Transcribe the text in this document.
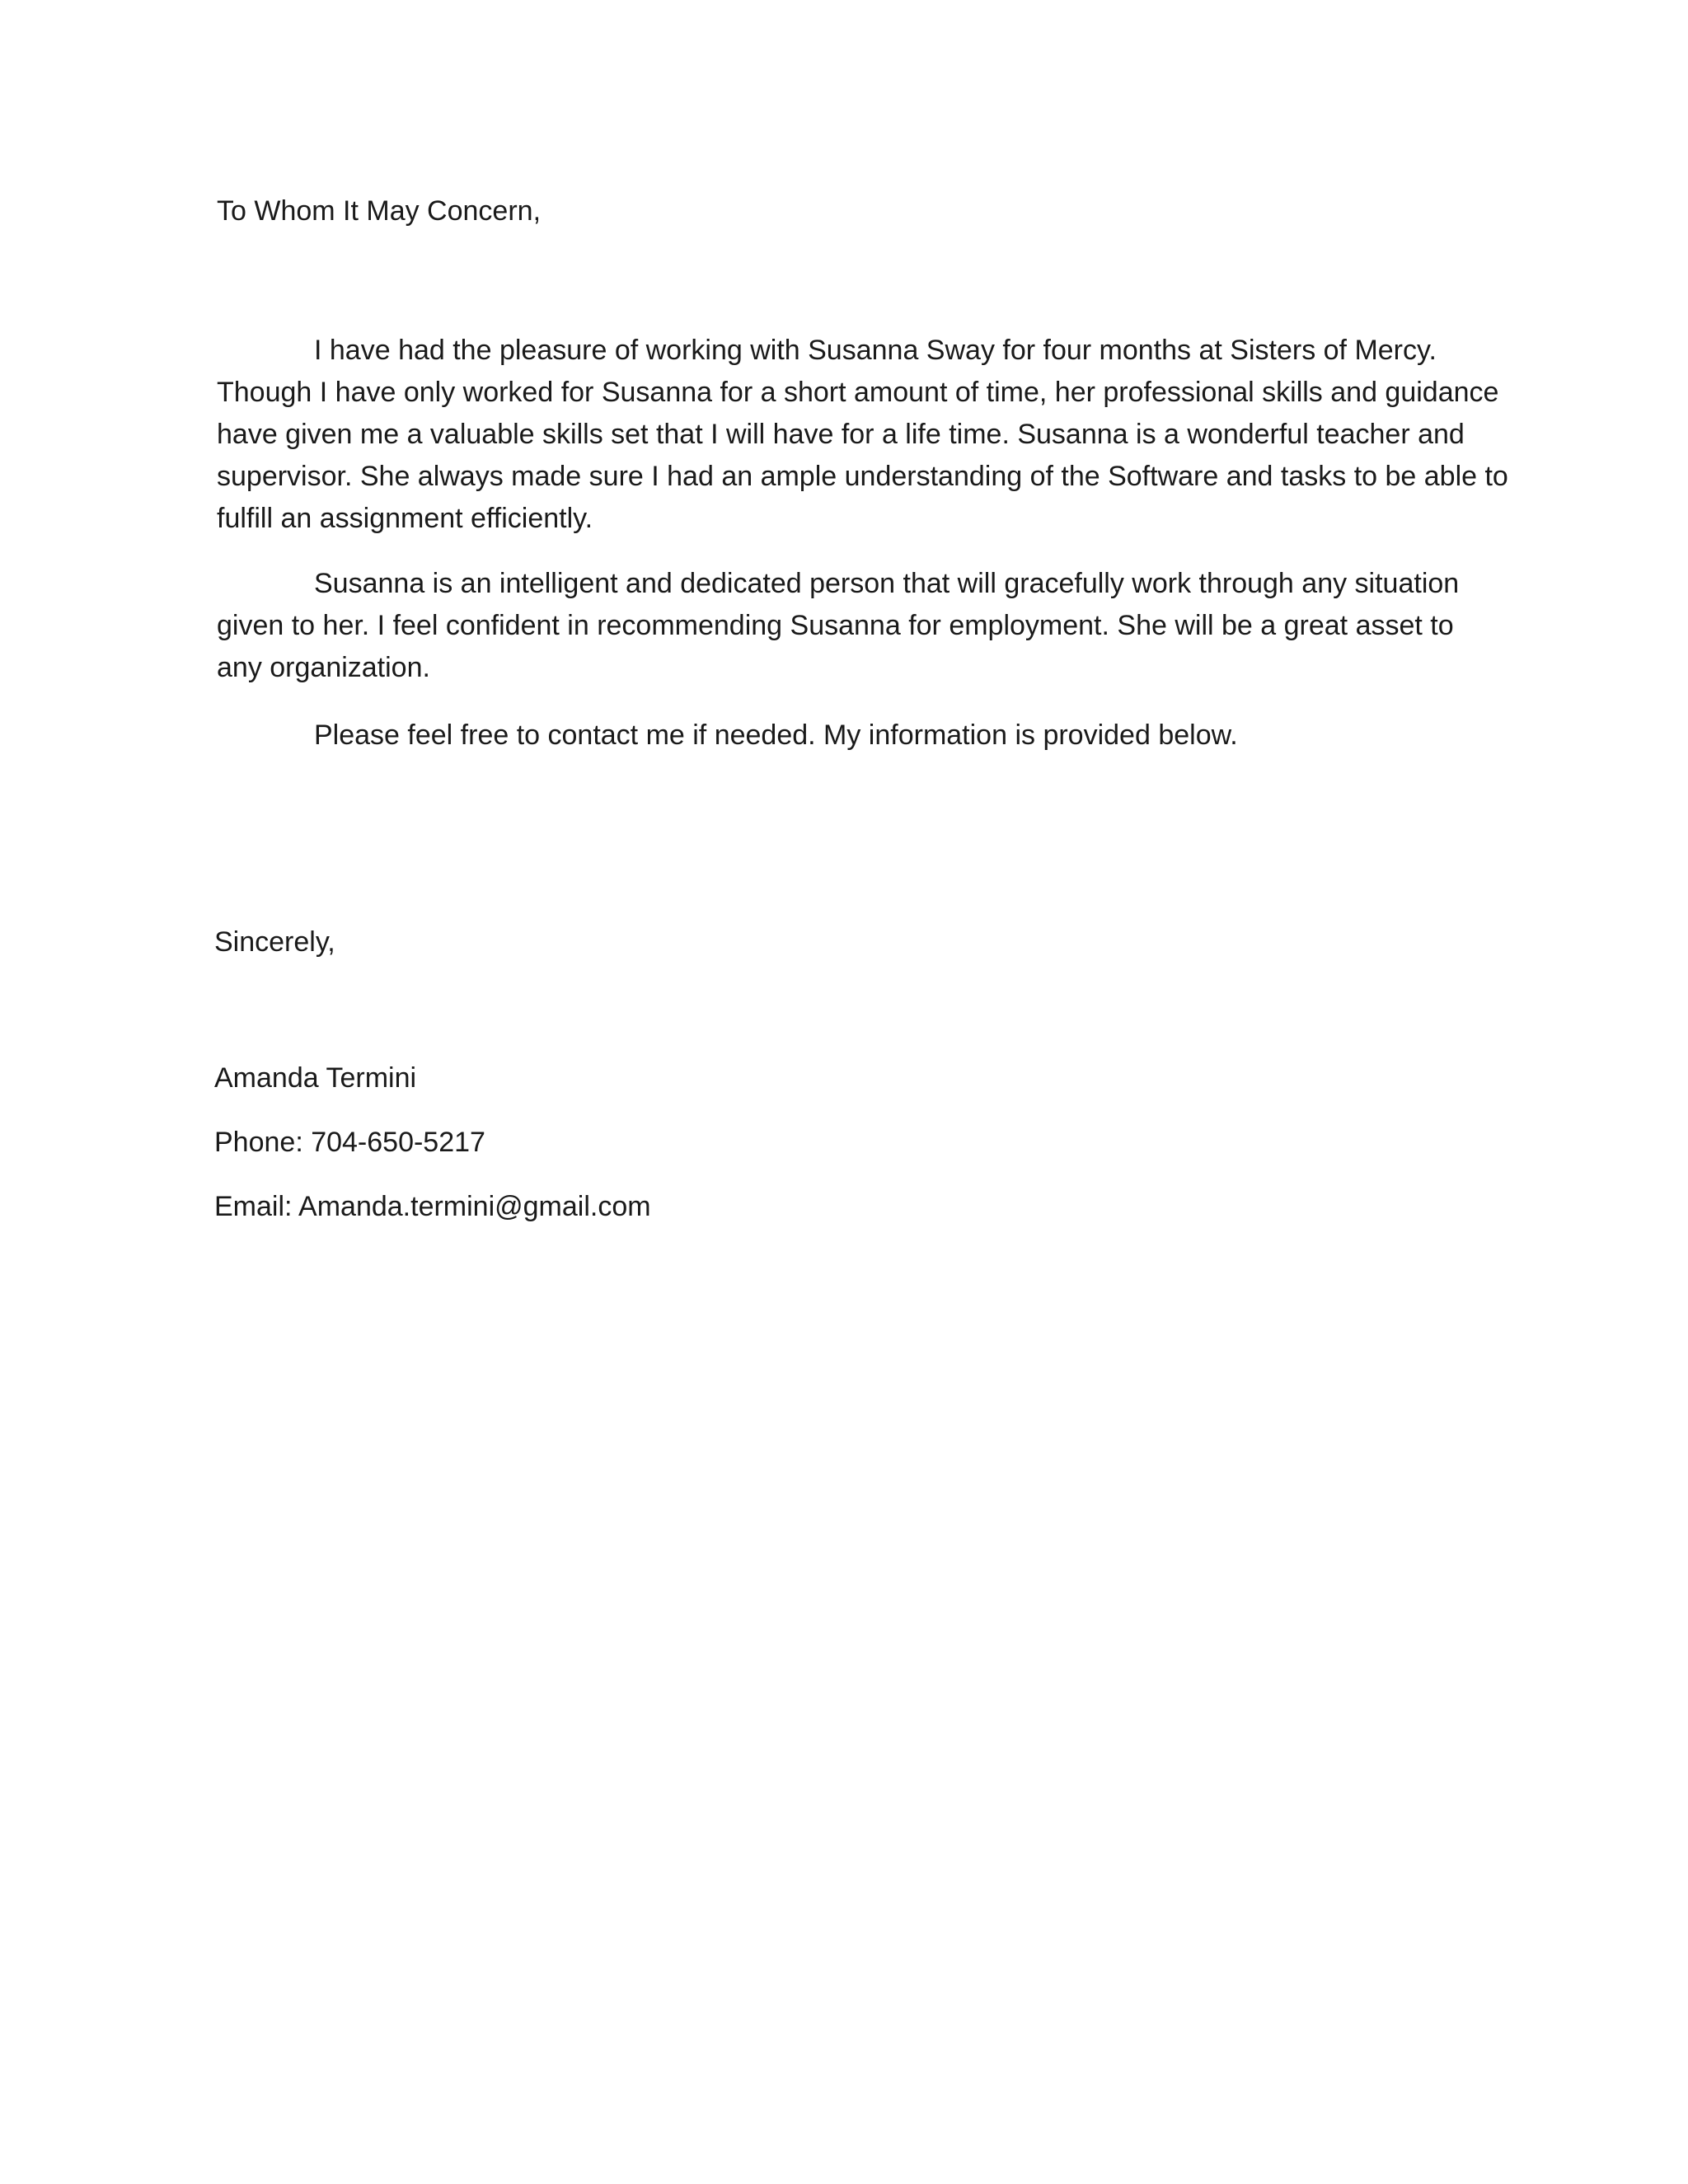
To Whom It May Concern,
I have had the pleasure of working with Susanna Sway for four months at Sisters of Mercy.
Though I have only worked for Susanna for a short amount of time, her professional skills and guidance
have given me a valuable skills set that I will have for a life time. Susanna is a wonderful teacher and
supervisor. She always made sure I had an ample understanding of the Software and tasks to be able to
fulfill an assignment efficiently.
Susanna is an intelligent and dedicated person that will gracefully work through any situation
given to her. I feel confident in recommending Susanna for employment. She will be a great asset to
any organization.
Please feel free to contact me if needed. My information is provided below.
Sincerely,
Amanda Termini
Phone: 704-650-5217
Email: Amanda.termini@gmail.com
